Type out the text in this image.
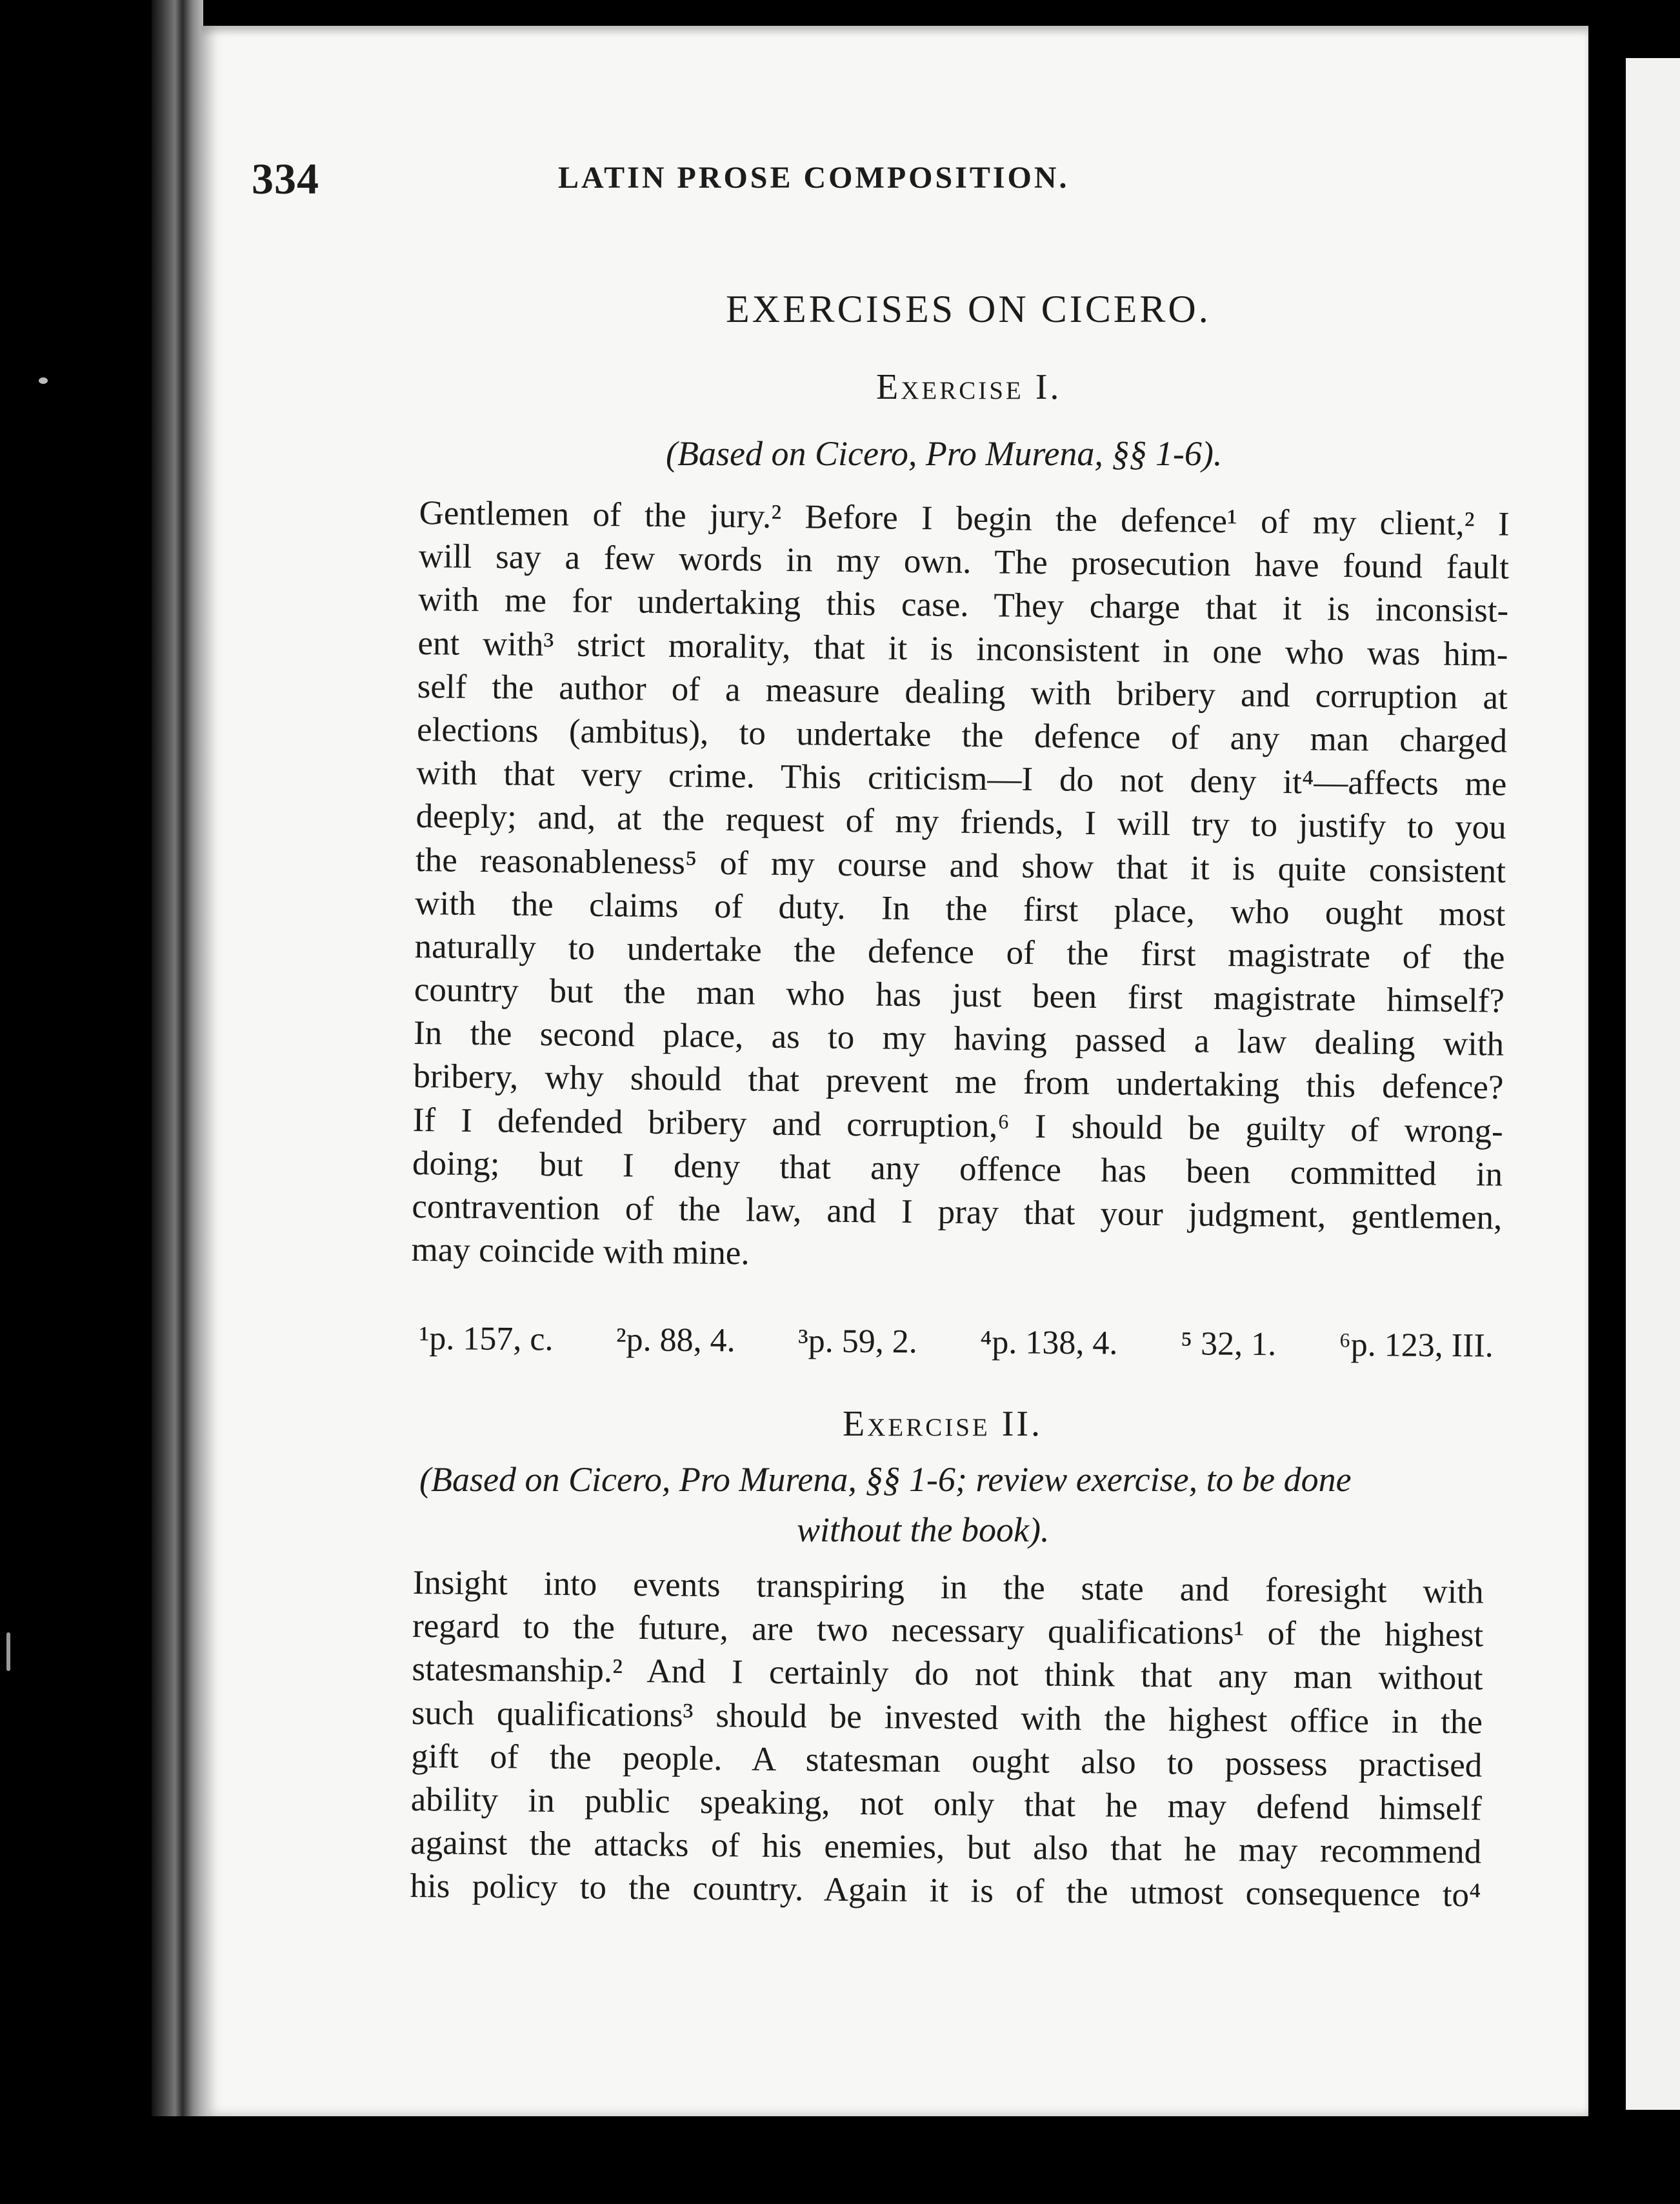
334	LATIN PROSE COMPOSITION.
EXERCISES ON CICERO.
Exercise I.
(Based on Cicero, Pro Murena, §§ 1-6).
Gentlemen of the jury.² Before I begin the defence¹ of my client,² I
will say a few words in my own. The prosecution have found fault
with me for undertaking this case. They charge that it is inconsist-
ent with³ strict morality, that it is inconsistent in one who was him-
self the author of a measure dealing with bribery and corruption at
elections (ambitus), to undertake the defence of any man charged
with that very crime. This criticism—I do not deny it⁴—affects me
deeply; and, at the request of my friends, I will try to justify to you
the reasonableness⁵ of my course and show that it is quite consistent
with the claims of duty. In the first place, who ought most
naturally to undertake the defence of the first magistrate of the
country but the man who has just been first magistrate himself?
In the second place, as to my having passed a law dealing with
bribery, why should that prevent me from undertaking this defence?
If I defended bribery and corruption,⁶ I should be guilty of wrong-
doing; but I deny that any offence has been committed in
contravention of the law, and I pray that your judgment, gentlemen,
may coincide with mine.
¹p. 157, c. ²p. 88, 4. ³p. 59, 2. ⁴p. 138, 4. ⁵ 32, 1. ⁶p. 123, III.
Exercise II.
(Based on Cicero, Pro Murena, §§ 1-6; review exercise, to be done
without the book).
Insight into events transpiring in the state and foresight with
regard to the future, are two necessary qualifications¹ of the highest
statesmanship.² And I certainly do not think that any man without
such qualifications³ should be invested with the highest office in the
gift of the people. A statesman ought also to possess practised
ability in public speaking, not only that he may defend himself
against the attacks of his enemies, but also that he may recommend
his policy to the country. Again it is of the utmost consequence to⁴
